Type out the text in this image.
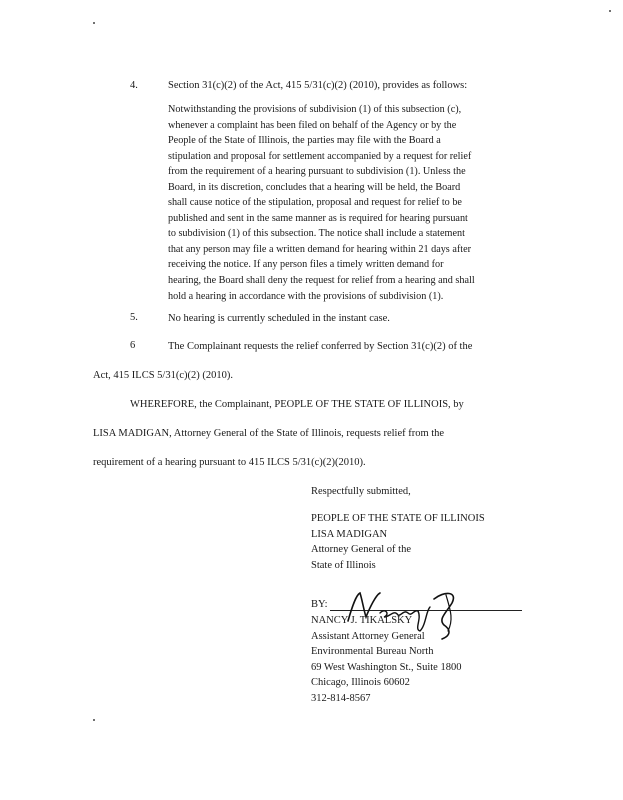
4.	Section 31(c)(2) of the Act, 415 5/31(c)(2) (2010), provides as follows:
Notwithstanding the provisions of subdivision (1) of this subsection (c),
whenever a complaint has been filed on behalf of the Agency or by the
People of the State of Illinois, the parties may file with the Board a
stipulation and proposal for settlement accompanied by a request for relief
from the requirement of a hearing pursuant to subdivision (1). Unless the
Board, in its discretion, concludes that a hearing will be held, the Board
shall cause notice of the stipulation, proposal and request for relief to be
published and sent in the same manner as is required for hearing pursuant
to subdivision (1) of this subsection. The notice shall include a statement
that any person may file a written demand for hearing within 21 days after
receiving the notice. If any person files a timely written demand for
hearing, the Board shall deny the request for relief from a hearing and shall
hold a hearing in accordance with the provisions of subdivision (1).
5.	No hearing is currently scheduled in the instant case.
6	The Complainant requests the relief conferred by Section 31(c)(2) of the
Act, 415 ILCS 5/31(c)(2) (2010).
WHEREFORE, the Complainant, PEOPLE OF THE STATE OF ILLINOIS, by
LISA MADIGAN, Attorney General of the State of Illinois, requests relief from the
requirement of a hearing pursuant to 415 ILCS 5/31(c)(2)(2010).
Respectfully submitted,
PEOPLE OF THE STATE OF ILLINOIS
LISA MADIGAN
Attorney General of the
State of Illinois
BY:
NANCY J. TIKALSKY
Assistant Attorney General
Environmental Bureau North
69 West Washington St., Suite 1800
Chicago, Illinois 60602
312-814-8567
